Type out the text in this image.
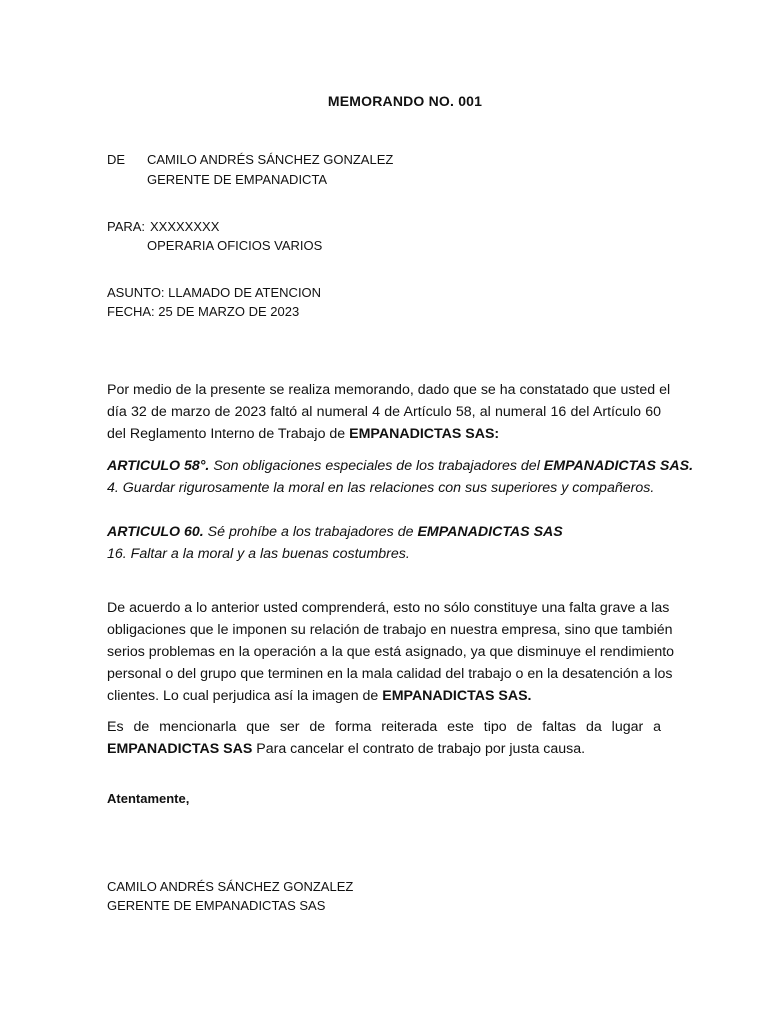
MEMORANDO NO. 001
DE CAMILO ANDRÉS SÁNCHEZ GONZALEZ
GERENTE DE EMPANADICTA
PARA: XXXXXXXX
OPERARIA OFICIOS VARIOS
ASUNTO: LLAMADO DE ATENCION
FECHA: 25 DE MARZO DE 2023
Por medio de la presente se realiza memorando, dado que se ha constatado que usted el
día 32 de marzo de 2023 faltó al numeral 4 de Artículo 58, al numeral 16 del Artículo 60
del Reglamento Interno de Trabajo de EMPANADICTAS SAS:
ARTICULO 58°. Son obligaciones especiales de los trabajadores del EMPANADICTAS SAS.
4. Guardar rigurosamente la moral en las relaciones con sus superiores y compañeros.
ARTICULO 60. Sé prohíbe a los trabajadores de EMPANADICTAS SAS
16. Faltar a la moral y a las buenas costumbres.
De acuerdo a lo anterior usted comprenderá, esto no sólo constituye una falta grave a las
obligaciones que le imponen su relación de trabajo en nuestra empresa, sino que también
serios problemas en la operación a la que está asignado, ya que disminuye el rendimiento
personal o del grupo que terminen en la mala calidad del trabajo o en la desatención a los
clientes. Lo cual perjudica así la imagen de EMPANADICTAS SAS.
Es de mencionarla que ser de forma reiterada este tipo de faltas da lugar a
EMPANADICTAS SAS Para cancelar el contrato de trabajo por justa causa.
Atentamente,
CAMILO ANDRÉS SÁNCHEZ GONZALEZ
GERENTE DE EMPANADICTAS SAS
